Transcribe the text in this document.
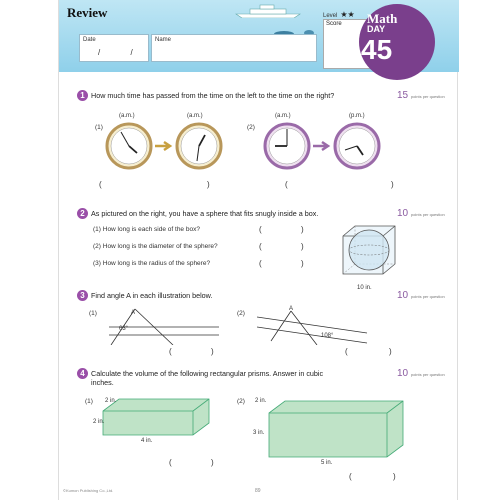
Review
Date
/ /
Name
Level ★★
Score Math
DAY
45
1 How much time has passed from the time on the left to the time on the right?	15 points per question
(1)
(a.m.)	(a.m.)
(2)
(a.m.)	(p.m.)
(	)	(	)
2 As pictured on the right, you have a sphere that fits snugly inside a box.	10 points per question
(1) How long is each side of the box?
(2) How long is the diameter of the sphere?
(3) How long is the radius of the sphere?
(	)
(	)
(	)
10 in.
3 Find angle A in each illustration below.	10 points per question
(1)	(2)
A
63°
A
108°
(	)	(	)
4 Calculate the volume of the following rectangular prisms. Answer in cubic
inches.
10 points per question
(1)	(2)
2 in.
2 in.
4 in.
2 in.
3 in.
5 in.
(	)
(	)
©Kumon Publishing Co.,Ltd.	89
